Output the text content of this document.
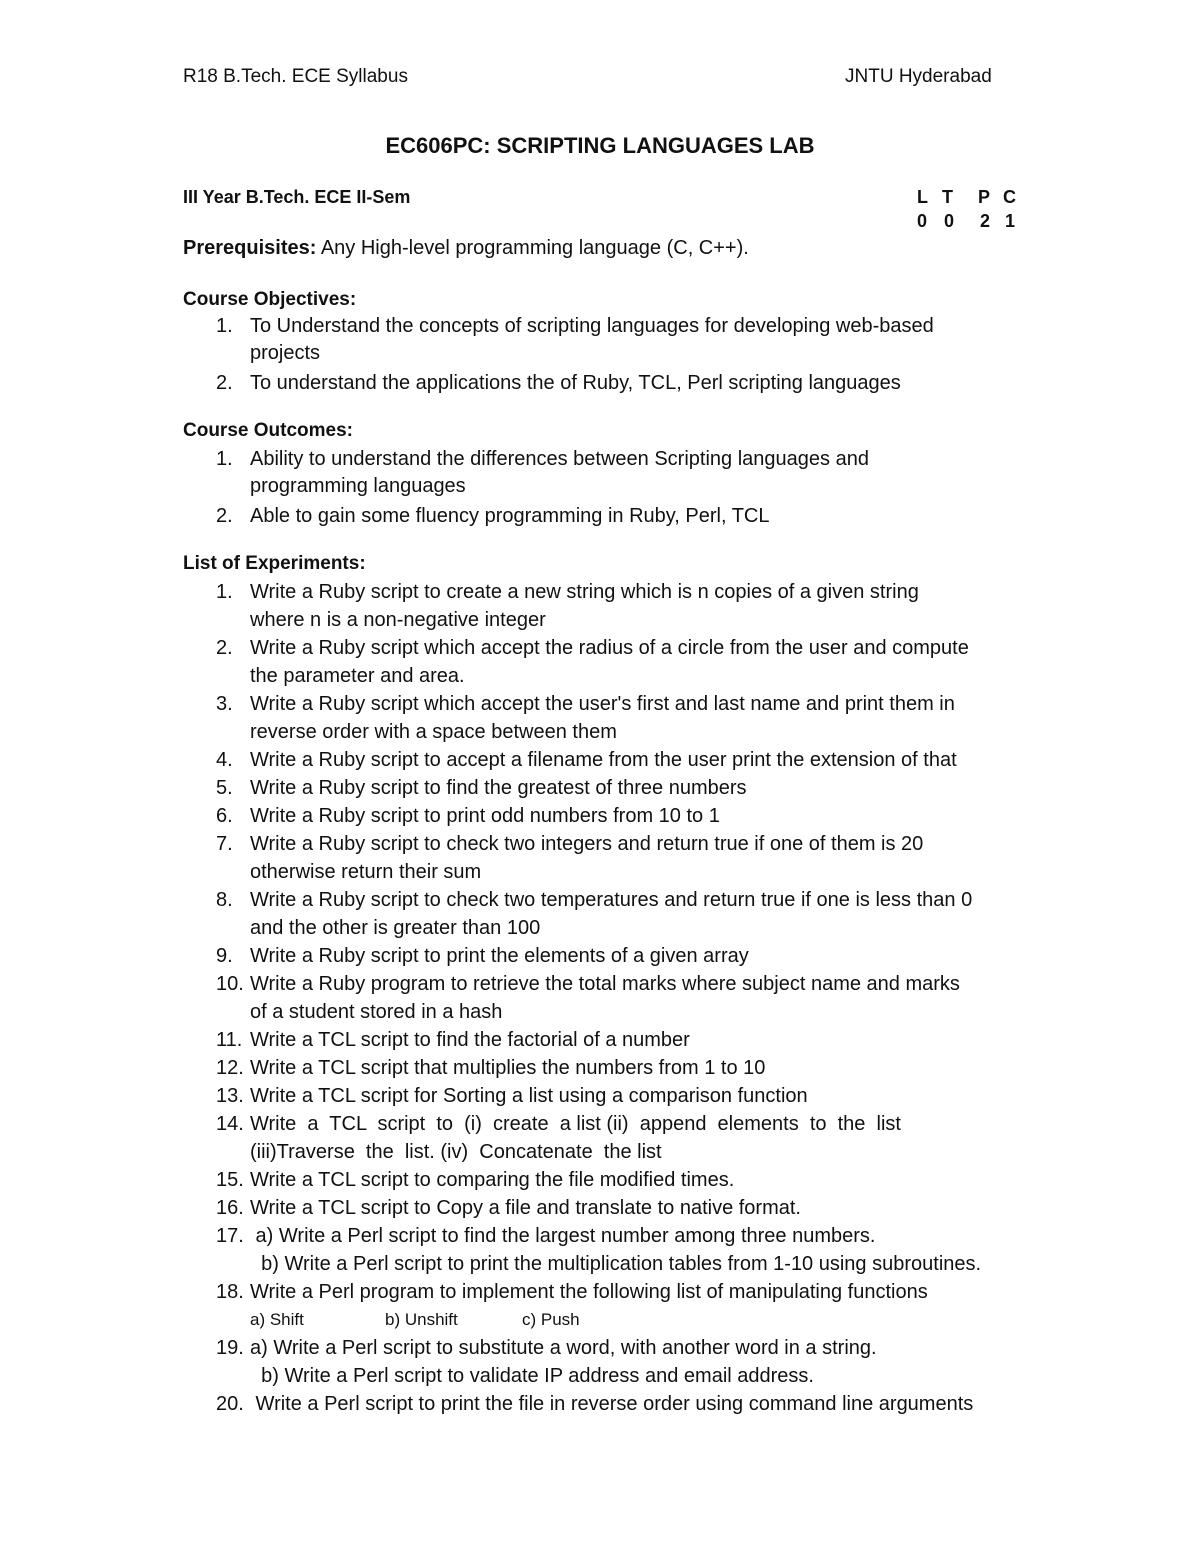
R18 B.Tech. ECE Syllabus	JNTU Hyderabad
EC606PC: SCRIPTING LANGUAGES LAB
III Year B.Tech. ECE II-Sem	L T P C
0 0 2 1
Prerequisites: Any High-level programming language (C, C++).
Course Objectives:
1. To Understand the concepts of scripting languages for developing web-based
projects
2. To understand the applications the of Ruby, TCL, Perl scripting languages
Course Outcomes:
1. Ability to understand the differences between Scripting languages and
programming languages
2. Able to gain some fluency programming in Ruby, Perl, TCL
List of Experiments:
1. Write a Ruby script to create a new string which is n copies of a given string
where n is a non-negative integer
2. Write a Ruby script which accept the radius of a circle from the user and compute
the parameter and area.
3. Write a Ruby script which accept the user's first and last name and print them in
reverse order with a space between them
4. Write a Ruby script to accept a filename from the user print the extension of that
5. Write a Ruby script to find the greatest of three numbers
6. Write a Ruby script to print odd numbers from 10 to 1
7. Write a Ruby script to check two integers and return true if one of them is 20
otherwise return their sum
8. Write a Ruby script to check two temperatures and return true if one is less than 0
and the other is greater than 100
9. Write a Ruby script to print the elements of a given array
10. Write a Ruby program to retrieve the total marks where subject name and marks
of a student stored in a hash
11. Write a TCL script to find the factorial of a number
12. Write a TCL script that multiplies the numbers from 1 to 10
13. Write a TCL script for Sorting a list using a comparison function
14. Write  a  TCL  script  to  (i)  create  a list (ii)  append  elements  to  the  list
(iii)Traverse  the  list. (iv)  Concatenate  the list
15. Write a TCL script to comparing the file modified times.
16. Write a TCL script to Copy a file and translate to native format.
17. a) Write a Perl script to find the largest number among three numbers.
b) Write a Perl script to print the multiplication tables from 1-10 using subroutines.
18. Write a Perl program to implement the following list of manipulating functions
a) Shift	b) Unshift	c) Push
19. a) Write a Perl script to substitute a word, with another word in a string.
b) Write a Perl script to validate IP address and email address.
20. Write a Perl script to print the file in reverse order using command line arguments
